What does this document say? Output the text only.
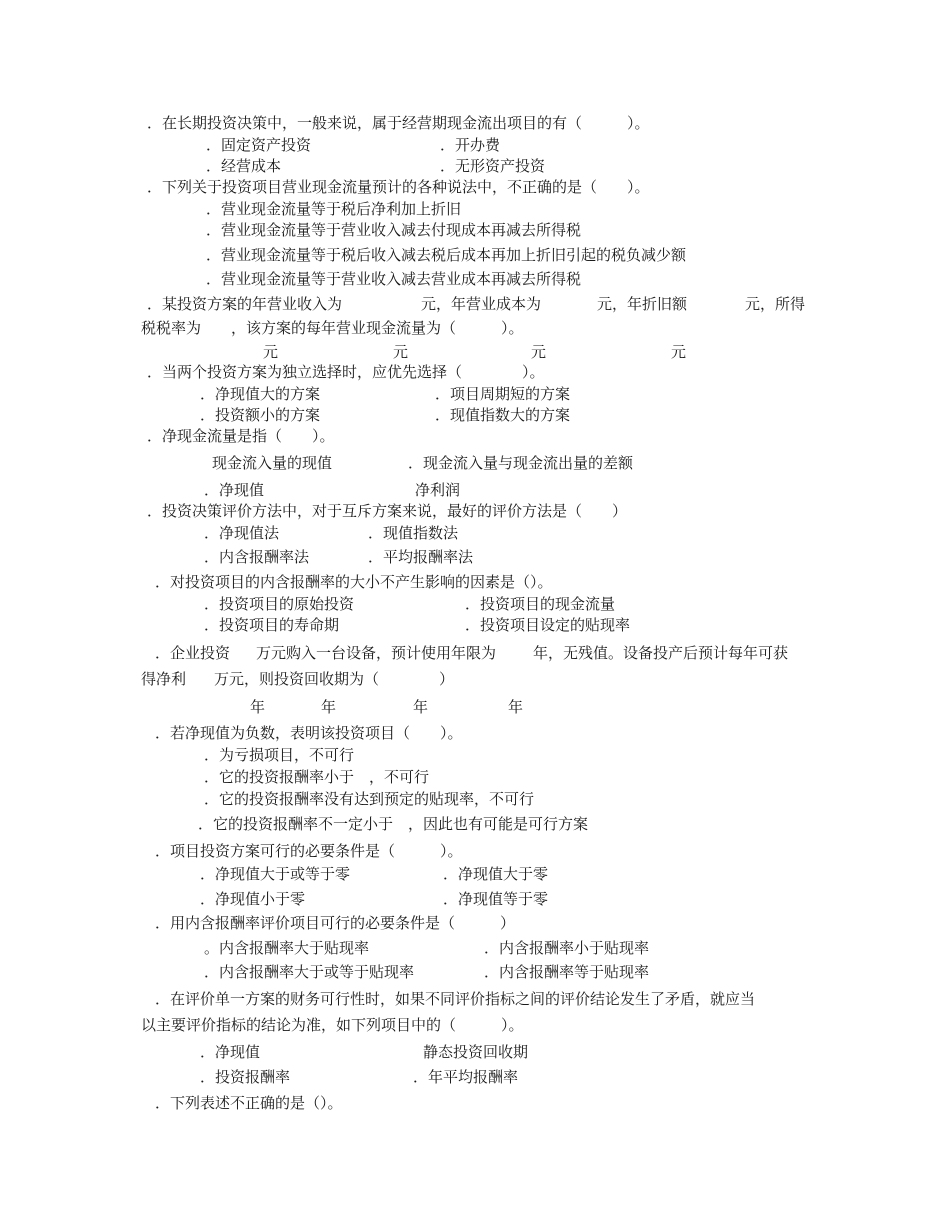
．在长期投资决策中，一般来说，属于经营期现金流出项目的有（　　　）。
．固定资产投资	．开办费
．经营成本	．无形资产投资
．下列关于投资项目营业现金流量预计的各种说法中，不正确的是（　　）。
．营业现金流量等于税后净利加上折旧
．营业现金流量等于营业收入减去付现成本再减去所得税
．营业现金流量等于税后收入减去税后成本再加上折旧引起的税负减少额
．营业现金流量等于营业收入减去营业成本再减去所得税
．某投资方案的年营业收入为	元，年营业成本为	元，年折旧额	元，所得
税税率为　　，该方案的每年营业现金流量为（　　　）。
元	元	元	元
．当两个投资方案为独立选择时，应优先选择（　　　　）。
．净现值大的方案	．项目周期短的方案
．投资额小的方案	．现值指数大的方案
．净现金流量是指（　　）。
现金流入量的现值	．现金流入量与现金流出量的差额
．净现值	净利润
．投资决策评价方法中，对于互斥方案来说，最好的评价方法是（　　）
．净现值法	．现值指数法
．内含报酬率法	．平均报酬率法
．对投资项目的内含报酬率的大小不产生影响的因素是（）。
．投资项目的原始投资	．投资项目的现金流量
．投资项目的寿命期	．投资项目设定的贴现率
．企业投资 万元购入一台设备，预计使用年限为 年，无残值。设备投产后预计每年可获
得净利 万元，则投资回收期为（　　　　）
年	年	年	年
．若净现值为负数，表明该投资项目（　　）。
．为亏损项目，不可行
．它的投资报酬率小于　，不可行
．它的投资报酬率没有达到预定的贴现率，不可行
．它的投资报酬率不一定小于　，因此也有可能是可行方案
．项目投资方案可行的必要条件是（　　　）。
．净现值大于或等于零	．净现值大于零
．净现值小于零	．净现值等于零
．用内含报酬率评价项目可行的必要条件是（　　　）
。内含报酬率大于贴现率	．内含报酬率小于贴现率
．内含报酬率大于或等于贴现率	．内含报酬率等于贴现率
．在评价单一方案的财务可行性时，如果不同评价指标之间的评价结论发生了矛盾，就应当
以主要评价指标的结论为准，如下列项目中的（　　　）。
．净现值	静态投资回收期
．投资报酬率	．年平均报酬率
．下列表述不正确的是（）。
